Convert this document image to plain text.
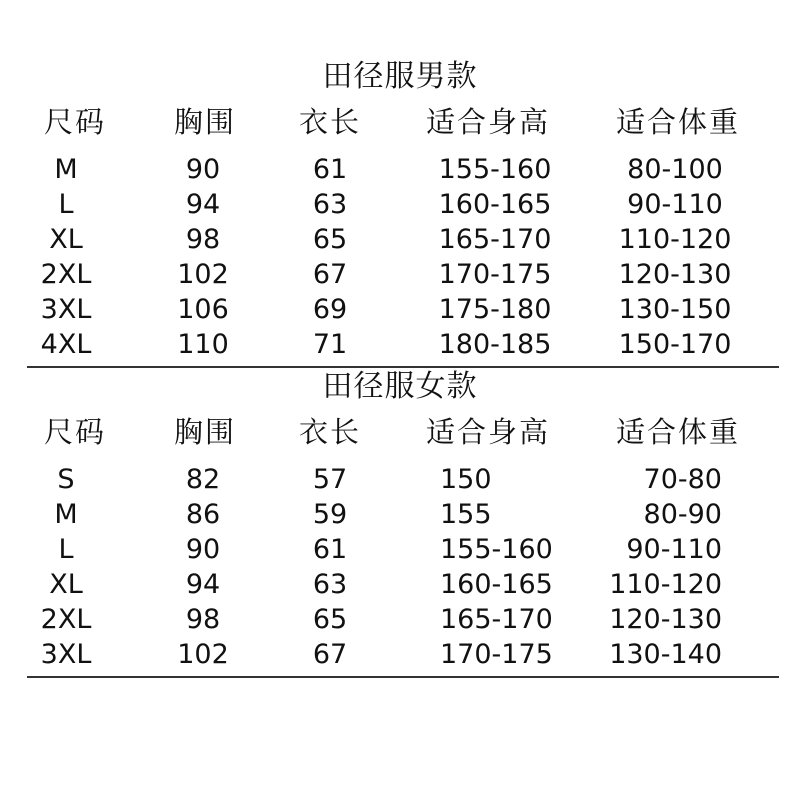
田径服男款
尺码	胸围	衣长	适合身高	适合体重
M	90	61	155-160	80-100
L	94	63	160-165	90-110
XL	98	65	165-170	110-120
2XL	102	67	170-175	120-130
3XL	106	69	175-180	130-150
4XL	110	71	180-185	150-170
田径服女款
尺码	胸围	衣长	适合身高	适合体重
S	82	57	150	70-80
M	86	59	155	80-90
L	90	61	155-160	90-110
XL	94	63	160-165	110-120
2XL	98	65	165-170	120-130
3XL	102	67	170-175	130-140
